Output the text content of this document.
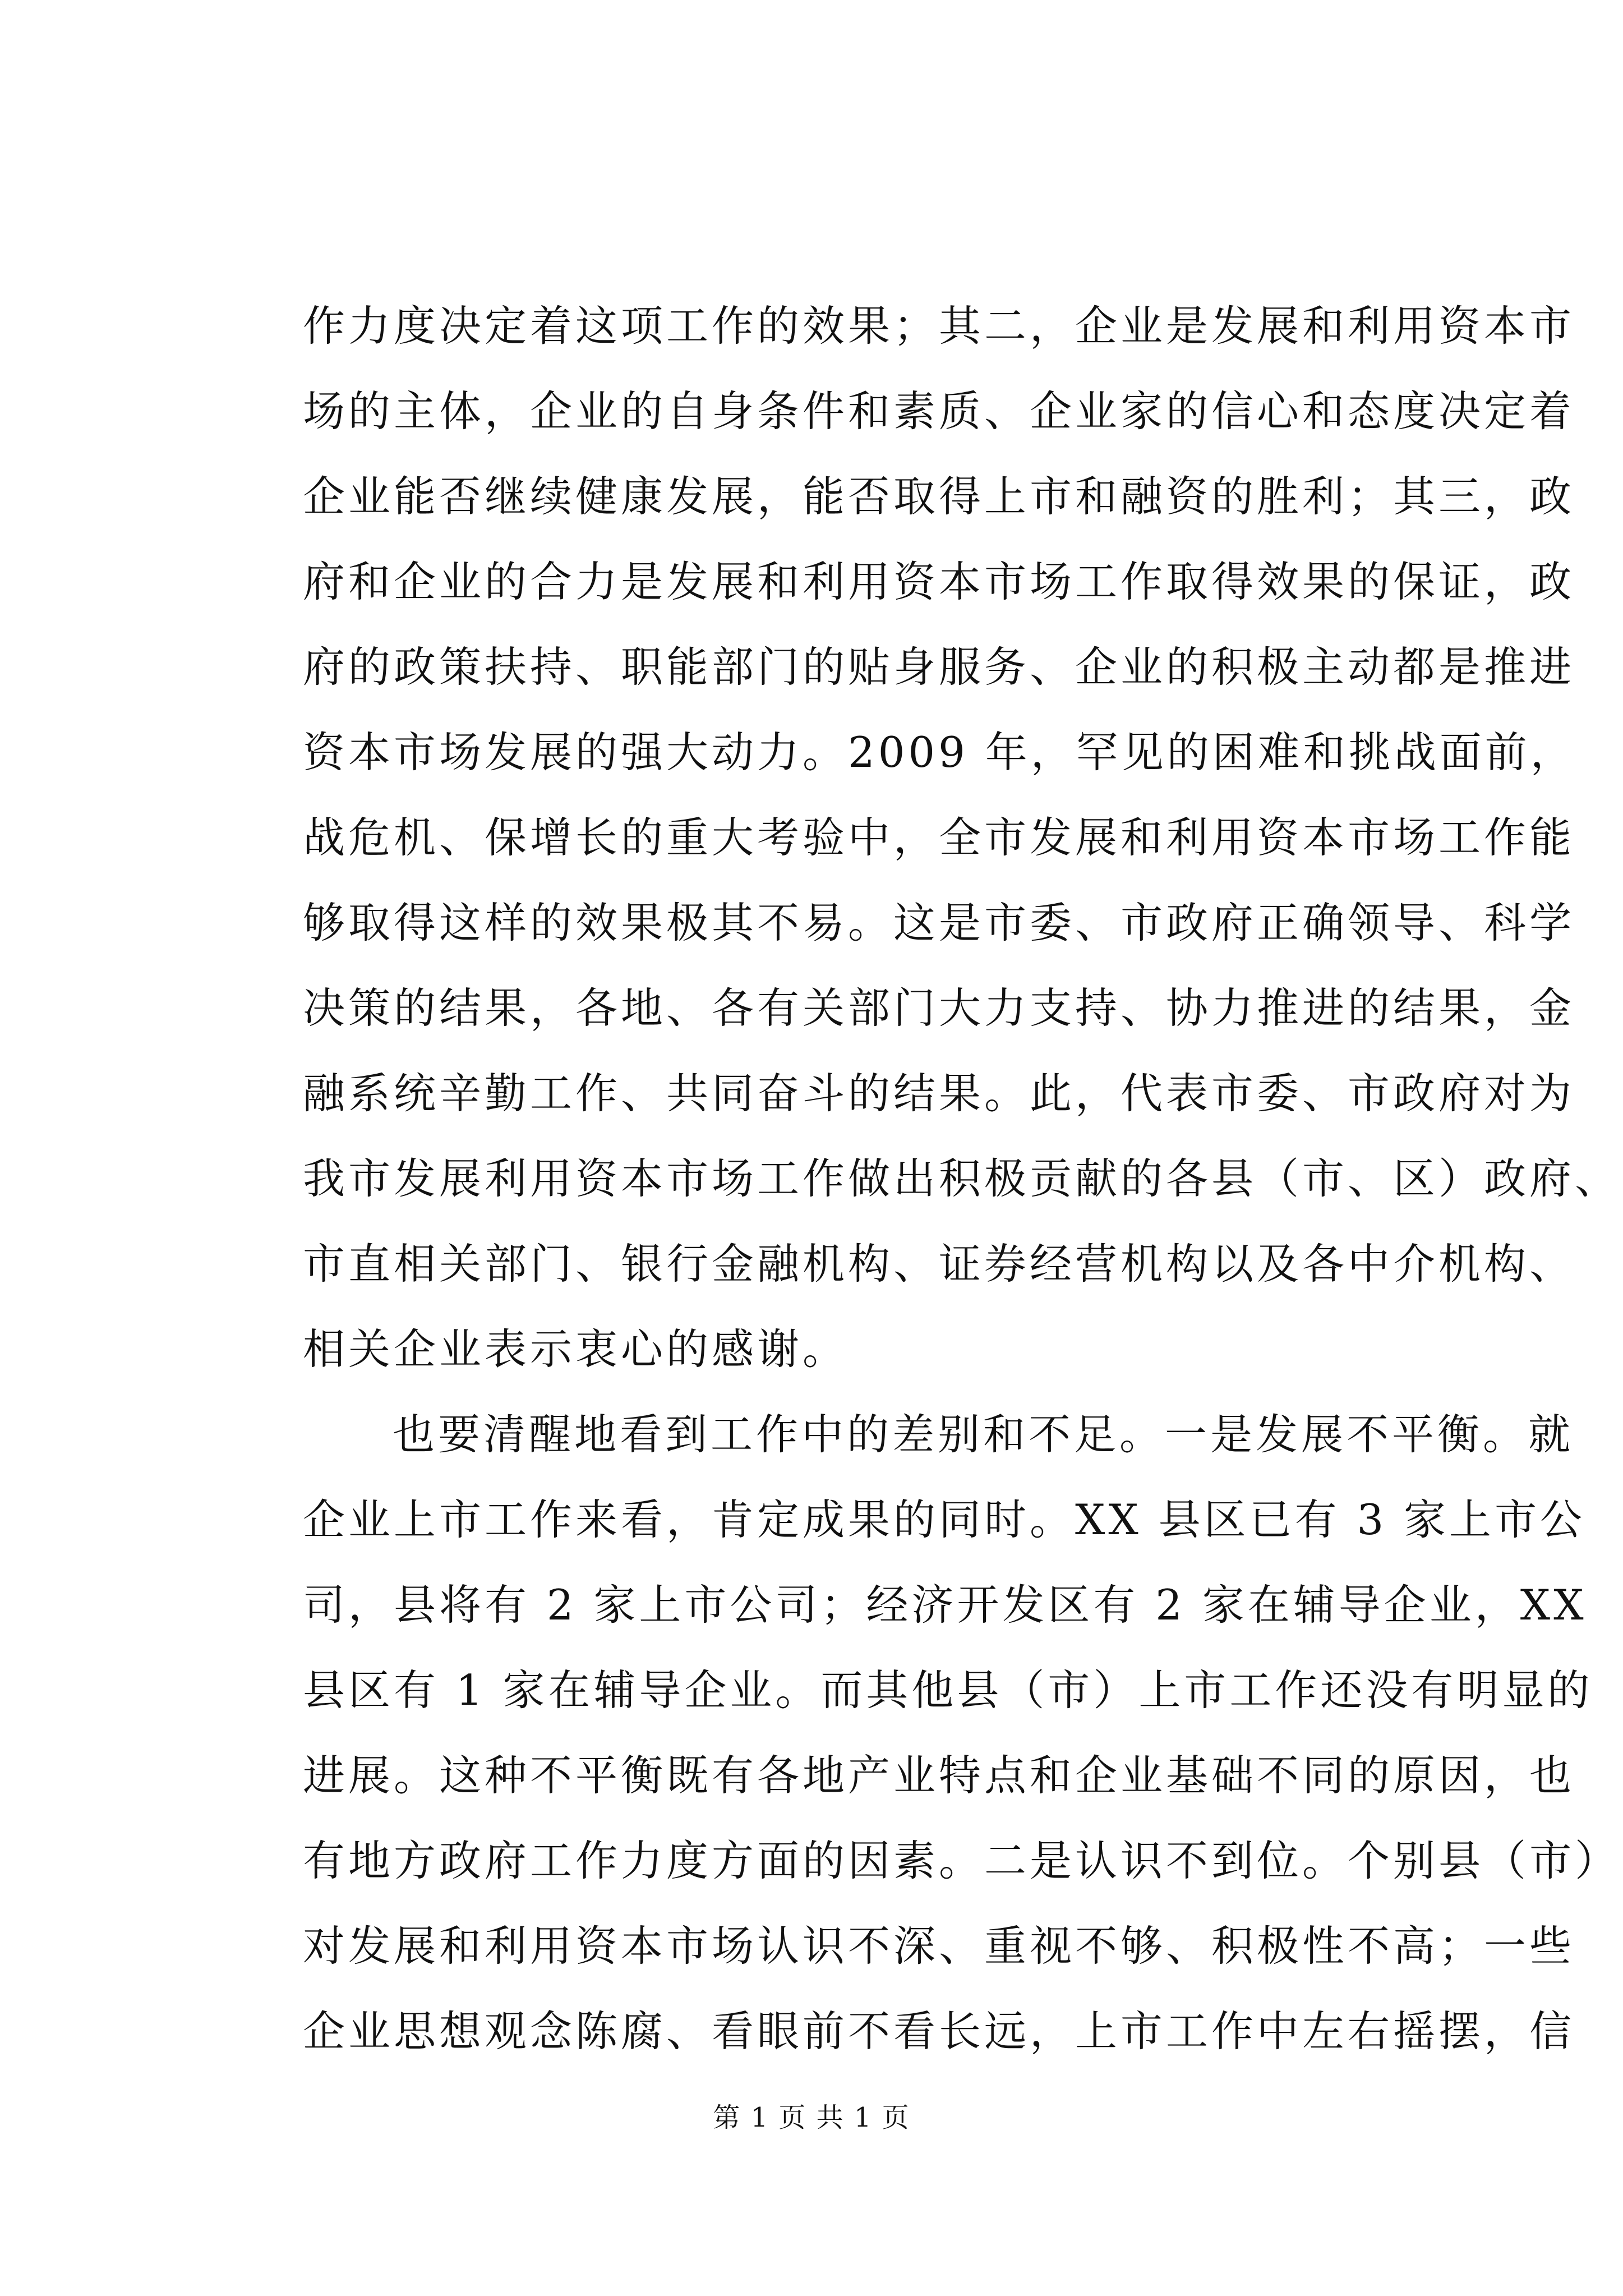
作力度决定着这项工作的效果；其二，企业是发展和利用资本市
场的主体，企业的自身条件和素质、企业家的信心和态度决定着
企业能否继续健康发展，能否取得上市和融资的胜利；其三，政
府和企业的合力是发展和利用资本市场工作取得效果的保证，政
府的政策扶持、职能部门的贴身服务、企业的积极主动都是推进
资本市场发展的强大动力。2009 年，罕见的困难和挑战面前，
战危机、保增长的重大考验中，全市发展和利用资本市场工作能
够取得这样的效果极其不易。这是市委、市政府正确领导、科学
决策的结果，各地、各有关部门大力支持、协力推进的结果，金
融系统辛勤工作、共同奋斗的结果。此，代表市委、市政府对为
我市发展利用资本市场工作做出积极贡献的各县（市、区）政府、
市直相关部门、银行金融机构、证券经营机构以及各中介机构、
相关企业表示衷心的感谢。
也要清醒地看到工作中的差别和不足。一是发展不平衡。就
企业上市工作来看，肯定成果的同时。XX 县区已有 3 家上市公
司，县将有 2 家上市公司；经济开发区有 2 家在辅导企业，XX
县区有 1 家在辅导企业。而其他县（市）上市工作还没有明显的
进展。这种不平衡既有各地产业特点和企业基础不同的原因，也
有地方政府工作力度方面的因素。二是认识不到位。个别县（市）
对发展和利用资本市场认识不深、重视不够、积极性不高；一些
企业思想观念陈腐、看眼前不看长远，上市工作中左右摇摆，信
第 1 页 共 1 页
